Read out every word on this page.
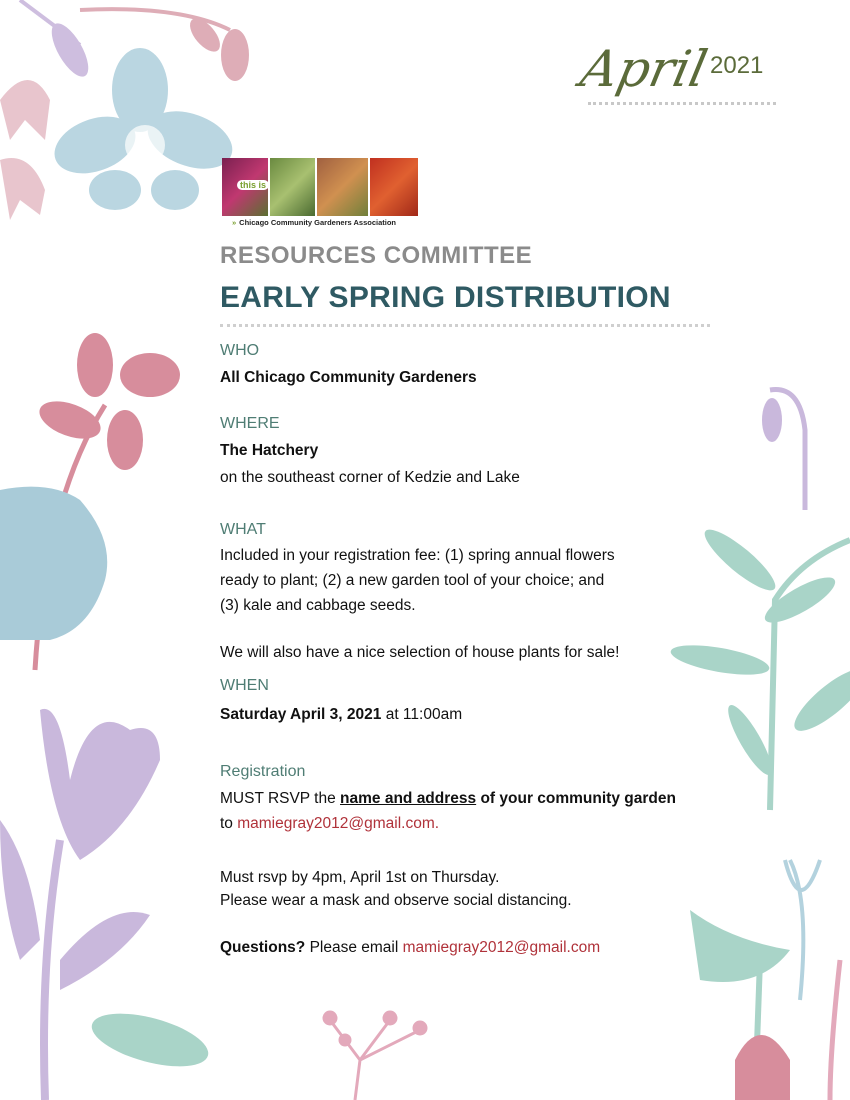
April
2021
this is
» Chicago Community Gardeners Association
RESOURCES COMMITTEE
EARLY SPRING DISTRIBUTION
WHO
All Chicago Community Gardeners
WHERE
The Hatchery
on the southeast corner of Kedzie and Lake
WHAT
Included in your registration fee: (1) spring annual flowers
ready to plant; (2) a new garden tool of your choice; and
(3) kale and cabbage seeds.
We will also have a nice selection of house plants for sale!
WHEN
Saturday April 3, 2021 at 11:00am
Registration
MUST RSVP the name and address of your community garden
to mamiegray2012@gmail.com.
Must rsvp by 4pm, April 1st on Thursday.
Please wear a mask and observe social distancing.
Questions? Please email mamiegray2012@gmail.com
